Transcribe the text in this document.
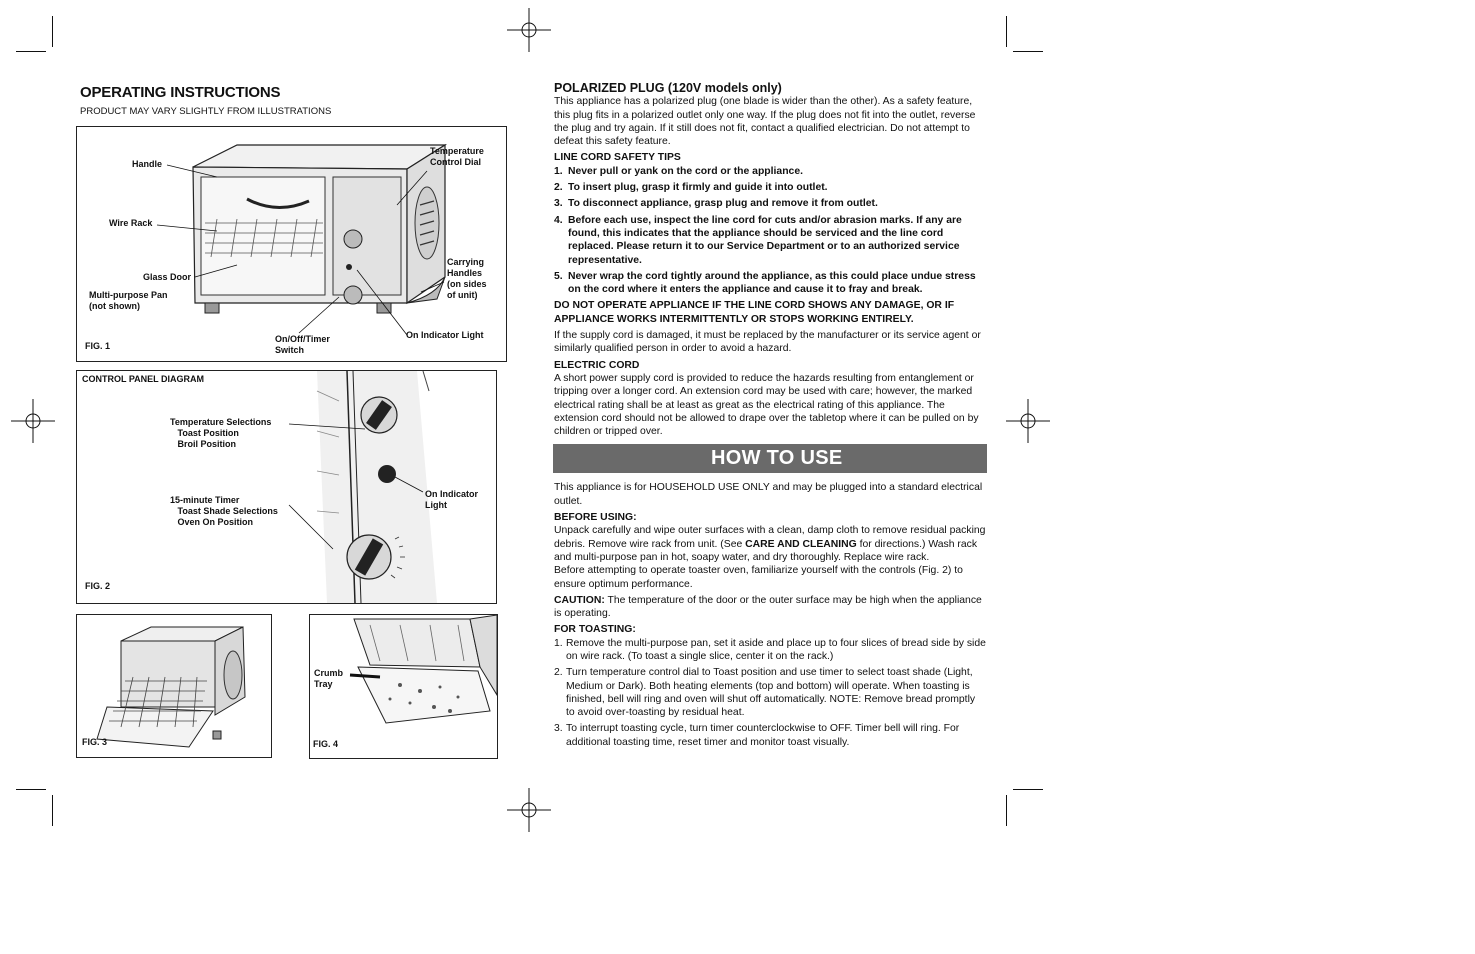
OPERATING INSTRUCTIONS
PRODUCT MAY VARY SLIGHTLY FROM ILLUSTRATIONS
Handle
Wire Rack
Glass Door
Multi-purpose Pan
(not shown)
Temperature
Control Dial
Carrying
Handles
(on sides
of unit)
On Indicator Light
On/Off/Timer
Switch
FIG. 1
CONTROL PANEL DIAGRAM
Temperature Selections
Toast Position
Broil Position
15-minute Timer
Toast Shade Selections
Oven On Position
On Indicator
Light
FIG. 2
FIG. 3
Crumb
Tray
FIG. 4

POLARIZED PLUG (120V models only)

This appliance has a polarized plug (one blade is wider than the other). As a safety feature, this plug fits in a polarized outlet only one way. If the plug does not fit into the outlet, reverse the plug and try again. If it still does not fit, contact a qualified electrician. Do not attempt to defeat this safety feature.

LINE CORD SAFETY TIPS

1. Never pull or yank on the cord or the appliance.
2. To insert plug, grasp it firmly and guide it into outlet.
3. To disconnect appliance, grasp plug and remove it from outlet.
4. Before each use, inspect the line cord for cuts and/or abrasion marks. If any are found, this indicates that the appliance should be serviced and the line cord replaced. Please return it to our Service Department or to an authorized service representative.
5. Never wrap the cord tightly around the appliance, as this could place undue stress on the cord where it enters the appliance and cause it to fray and break.

DO NOT OPERATE APPLIANCE IF THE LINE CORD SHOWS ANY DAMAGE, OR IF APPLIANCE WORKS INTERMITTENTLY OR STOPS WORKING ENTIRELY.

If the supply cord is damaged, it must be replaced by the manufacturer or its service agent or similarly qualified person in order to avoid a hazard.

ELECTRIC CORD

A short power supply cord is provided to reduce the hazards resulting from entanglement or tripping over a longer cord. An extension cord may be used with care; however, the marked electrical rating shall be at least as great as the electrical rating of this appliance. The extension cord should not be allowed to drape over the tabletop where it can be pulled on by children or tripped over.

HOW TO USE

This appliance is for HOUSEHOLD USE ONLY and may be plugged into a standard electrical outlet.

BEFORE USING:

Unpack carefully and wipe outer surfaces with a clean, damp cloth to remove residual packing debris. Remove wire rack from unit. (See CARE AND CLEANING for directions.) Wash rack and multi-purpose pan in hot, soapy water, and dry thoroughly. Replace wire rack.

Before attempting to operate toaster oven, familiarize yourself with the controls (Fig. 2) to ensure optimum performance.

CAUTION: The temperature of the door or the outer surface may be high when the appliance is operating.

FOR TOASTING:

1. Remove the multi-purpose pan, set it aside and place up to four slices of bread side by side on wire rack. (To toast a single slice, center it on the rack.)
2. Turn temperature control dial to Toast position and use timer to select toast shade (Light, Medium or Dark). Both heating elements (top and bottom) will operate. When toasting is finished, bell will ring and oven will shut off automatically. NOTE: Remove bread promptly to avoid over-toasting by residual heat.
3. To interrupt toasting cycle, turn timer counterclockwise to OFF. Timer bell will ring. For additional toasting time, reset timer and monitor toast visually.
